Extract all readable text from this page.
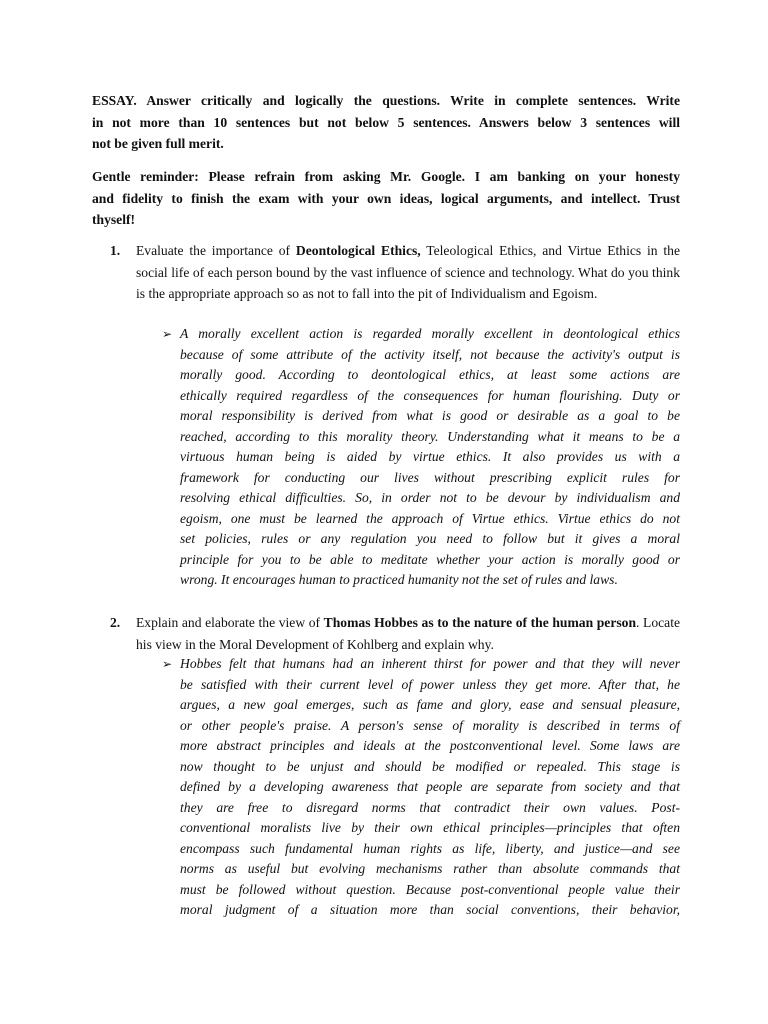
ESSAY. Answer critically and logically the questions. Write in complete sentences. Write
in not more than 10 sentences but not below 5 sentences. Answers below 3 sentences will
not be given full merit.
Gentle reminder: Please refrain from asking Mr. Google. I am banking on your honesty
and fidelity to finish the exam with your own ideas, logical arguments, and intellect. Trust
thyself!
1. Evaluate the importance of Deontological Ethics, Teleological Ethics, and Virtue Ethics in the social life of each person bound by the vast influence of science and technology. What do you think is the appropriate approach so as not to fall into the pit of Individualism and Egoism.
➢ A morally excellent action is regarded morally excellent in deontological ethics
because of some attribute of the activity itself, not because the activity's output is
morally good. According to deontological ethics, at least some actions are
ethically required regardless of the consequences for human flourishing. Duty or
moral responsibility is derived from what is good or desirable as a goal to be
reached, according to this morality theory. Understanding what it means to be a
virtuous human being is aided by virtue ethics. It also provides us with a
framework for conducting our lives without prescribing explicit rules for
resolving ethical difficulties. So, in order not to be devour by individualism and
egoism, one must be learned the approach of Virtue ethics. Virtue ethics do not
set policies, rules or any regulation you need to follow but it gives a moral
principle for you to be able to meditate whether your action is morally good or
wrong. It encourages human to practiced humanity not the set of rules and laws.
2. Explain and elaborate the view of Thomas Hobbes as to the nature of the human person. Locate his view in the Moral Development of Kohlberg and explain why.
➢ Hobbes felt that humans had an inherent thirst for power and that they will never
be satisfied with their current level of power unless they get more. After that, he
argues, a new goal emerges, such as fame and glory, ease and sensual pleasure,
or other people's praise. A person's sense of morality is described in terms of
more abstract principles and ideals at the postconventional level. Some laws are
now thought to be unjust and should be modified or repealed. This stage is
defined by a developing awareness that people are separate from society and that
they are free to disregard norms that contradict their own values. Post-
conventional moralists live by their own ethical principles—principles that often
encompass such fundamental human rights as life, liberty, and justice—and see
norms as useful but evolving mechanisms rather than absolute commands that
must be followed without question. Because post-conventional people value their
moral judgment of a situation more than social conventions, their behavior,
